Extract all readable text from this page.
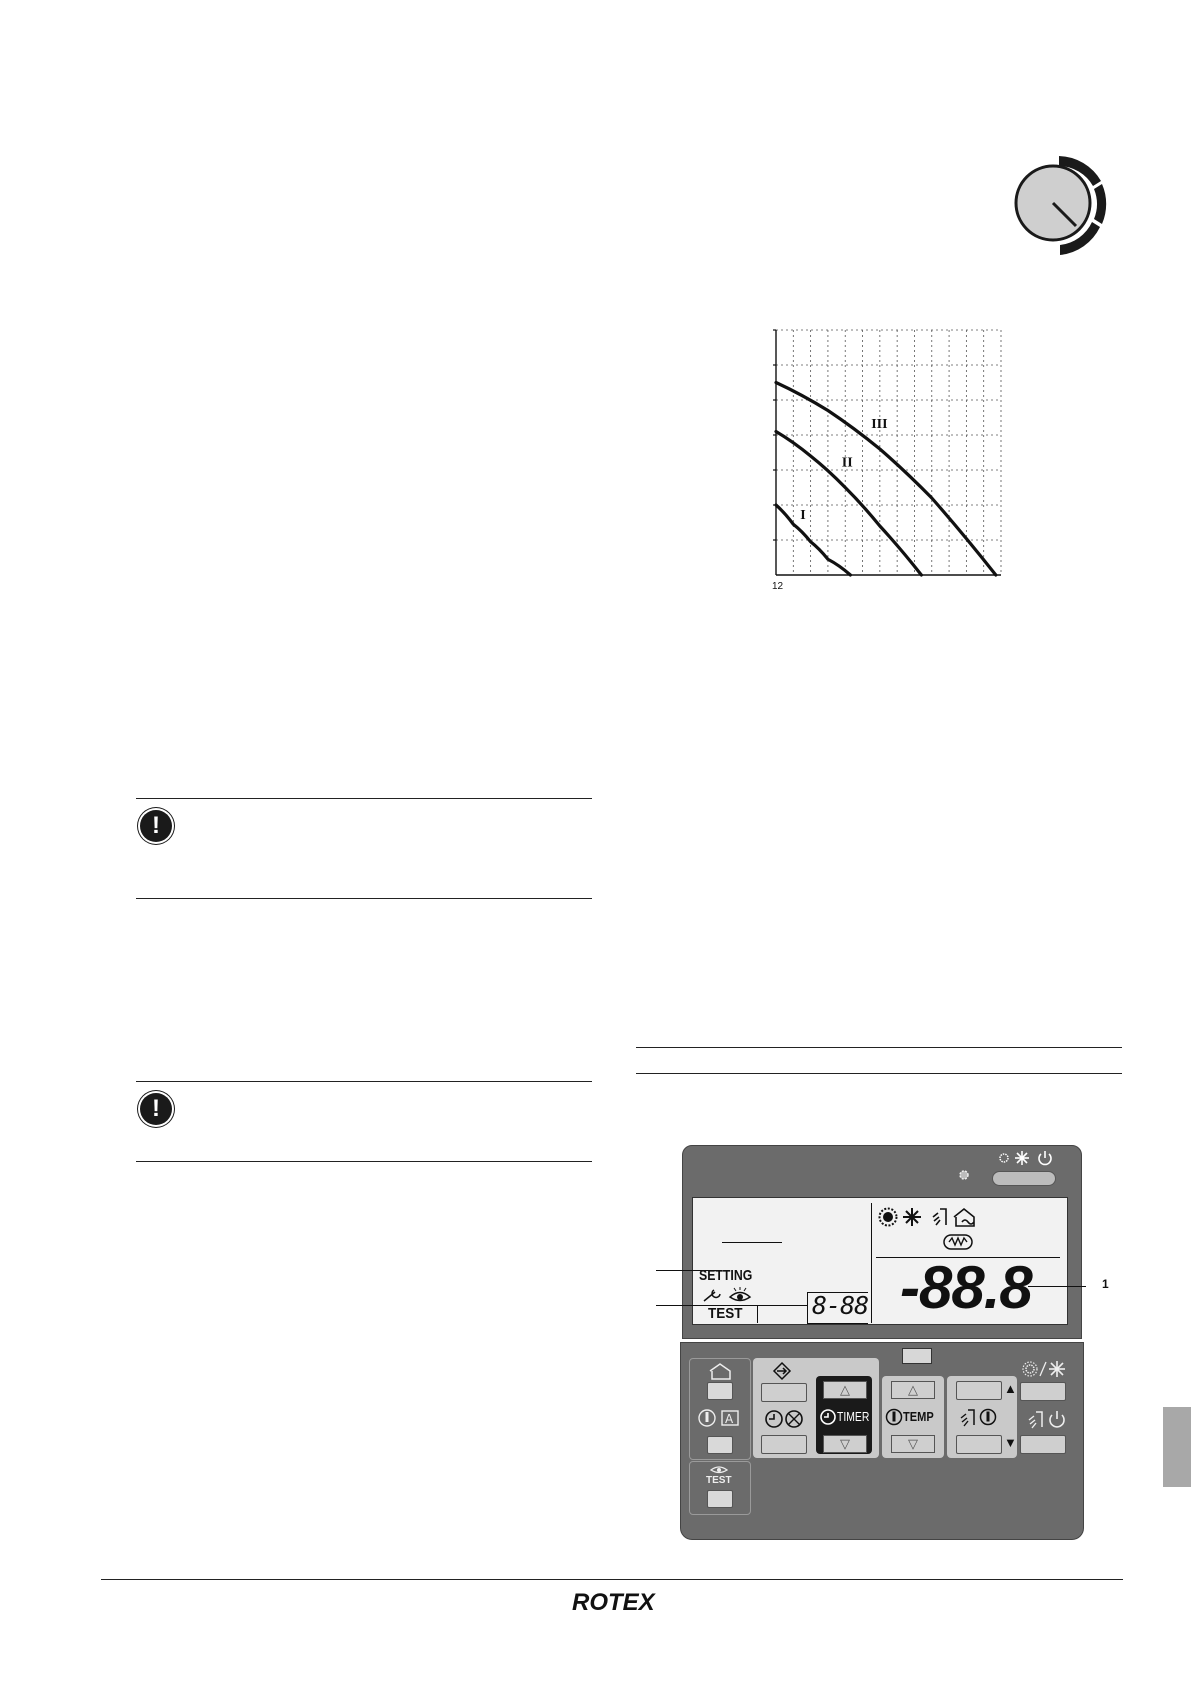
12
I
II
III
!
!
SETTING
TEST	8-88 -88.8	1
A
TEST
△
TIMER
▽
△
TEMP
▽
▲
▼
ROTEX
